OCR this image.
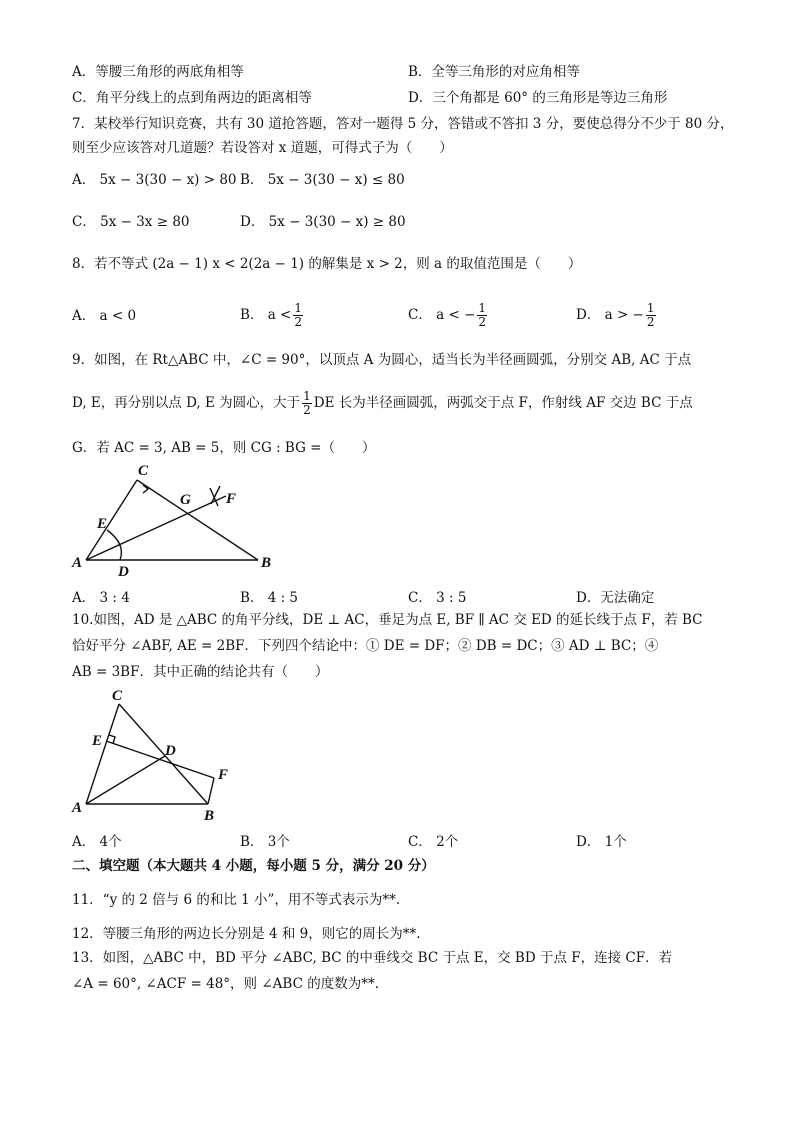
A．等腰三角形的两底角相等	B．全等三角形的对应角相等
C．角平分线上的点到角两边的距离相等	D．三个角都是 60° 的三角形是等边三角形
7．某校举行知识竞赛，共有 30 道抢答题，答对一题得 5 分，答错或不答扣 3 分，要使总得分不少于 80 分，
则至少应该答对几道题？若设答对 x 道题，可得式子为（　　）
A． 5x − 3(30 − x) > 80 B． 5x − 3(30 − x) ≤ 80
C． 5x − 3x ≥ 80	D． 5x − 3(30 − x) ≥ 80
8．若不等式 (2a − 1) x < 2(2a − 1) 的解集是 x > 2，则 a 的取值范围是（　　）
A． a < 0	B． $a < \frac{1}{2}$	C． a < − $\frac{1}{2}$	D． a > − $\frac{1}{2}$
9．如图，在 Rt△ABC 中，∠C = 90°，以顶点 A 为圆心，适当长为半径画圆弧，分别交 AB, AC 于点
D, E，再分别以点 D, E 为圆心，大于 $\frac{1}{2}$ DE 长为半径画圆弧，两弧交于点 F，作射线 AF 交边 BC 于点
G．若 AC = 3, AB = 5，则 CG : BG =（　　）
C
G F
E
A
D
B
A． 3 : 4	B． 4 : 5	C． 3 : 5	D．无法确定
10.如图，AD 是 △ABC 的角平分线，DE ⊥ AC，垂足为点 E, BF ∥ AC 交 ED 的延长线于点 F，若 BC
恰好平分 ∠ABF, AE = 2BF．下列四个结论中：① DE = DF；② DB = DC；③ AD ⊥ BC；④
AB = 3BF．其中正确的结论共有（　　）
C
E
D
F
A	B
A． 4个	B． 3个	C． 2个	D． 1个
二、填空题（本大题共 4 小题，每小题 5 分，满分 20 分）
11．“y 的 2 倍与 6 的和比 1 小”，用不等式表示为**.
12．等腰三角形的两边长分别是 4 和 9，则它的周长为**.
13．如图，△ABC 中，BD 平分 ∠ABC, BC 的中垂线交 BC 于点 E，交 BD 于点 F，连接 CF．若
∠A = 60°, ∠ACF = 48°，则 ∠ABC 的度数为**.
